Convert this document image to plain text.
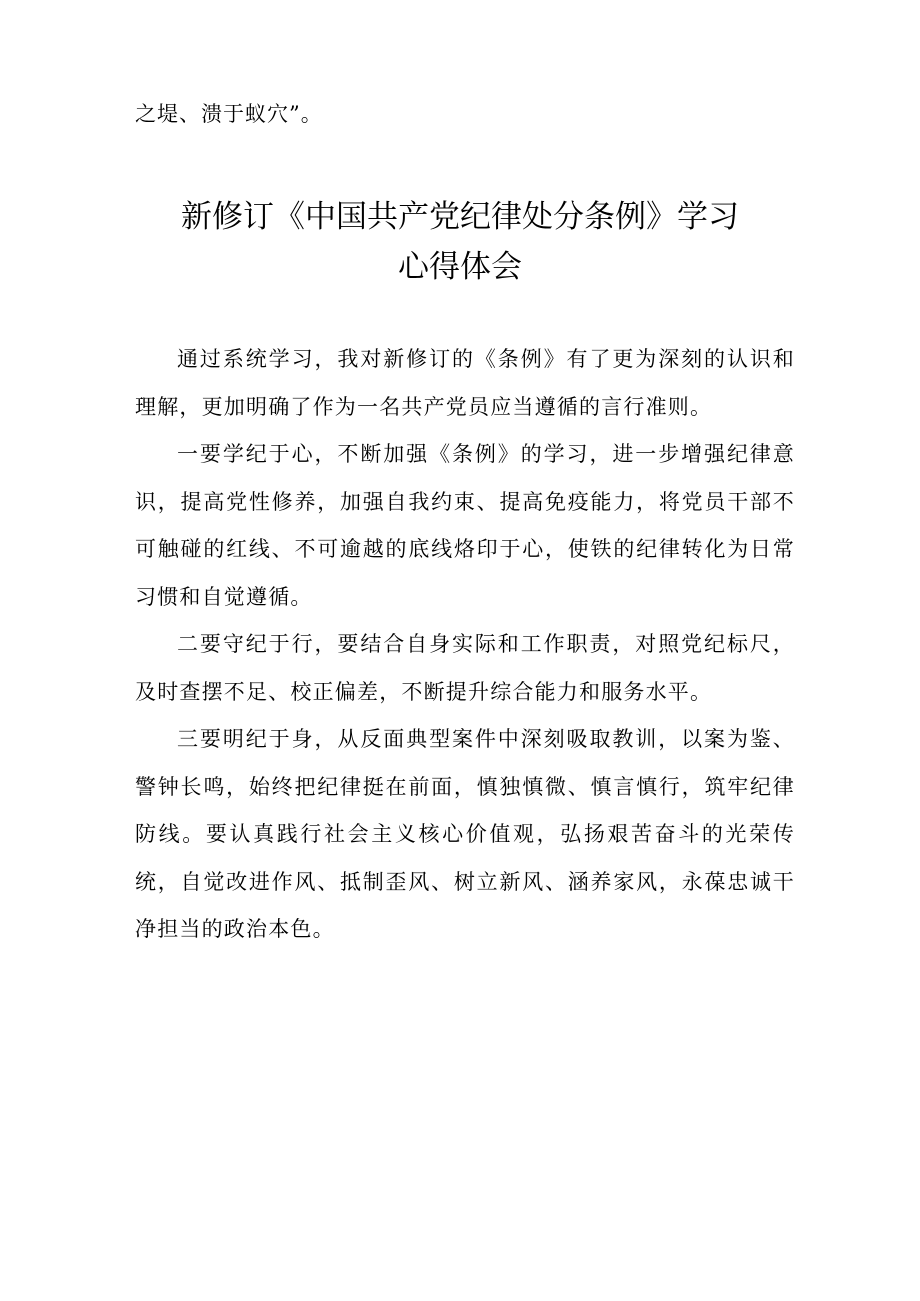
之堤、溃于蚁穴”。

新修订《中国共产党纪律处分条例》学习
心得体会

通过系统学习，我对新修订的《条例》有了更为深刻的认识和理解，更加明确了作为一名共产党员应当遵循的言行准则。

一要学纪于心，不断加强《条例》的学习，进一步增强纪律意识，提高党性修养，加强自我约束、提高免疫能力，将党员干部不可触碰的红线、不可逾越的底线烙印于心，使铁的纪律转化为日常习惯和自觉遵循。

二要守纪于行，要结合自身实际和工作职责，对照党纪标尺，及时查摆不足、校正偏差，不断提升综合能力和服务水平。

三要明纪于身，从反面典型案件中深刻吸取教训，以案为鉴、警钟长鸣，始终把纪律挺在前面，慎独慎微、慎言慎行，筑牢纪律防线。要认真践行社会主义核心价值观，弘扬艰苦奋斗的光荣传统，自觉改进作风、抵制歪风、树立新风、涵养家风，永葆忠诚干净担当的政治本色。
